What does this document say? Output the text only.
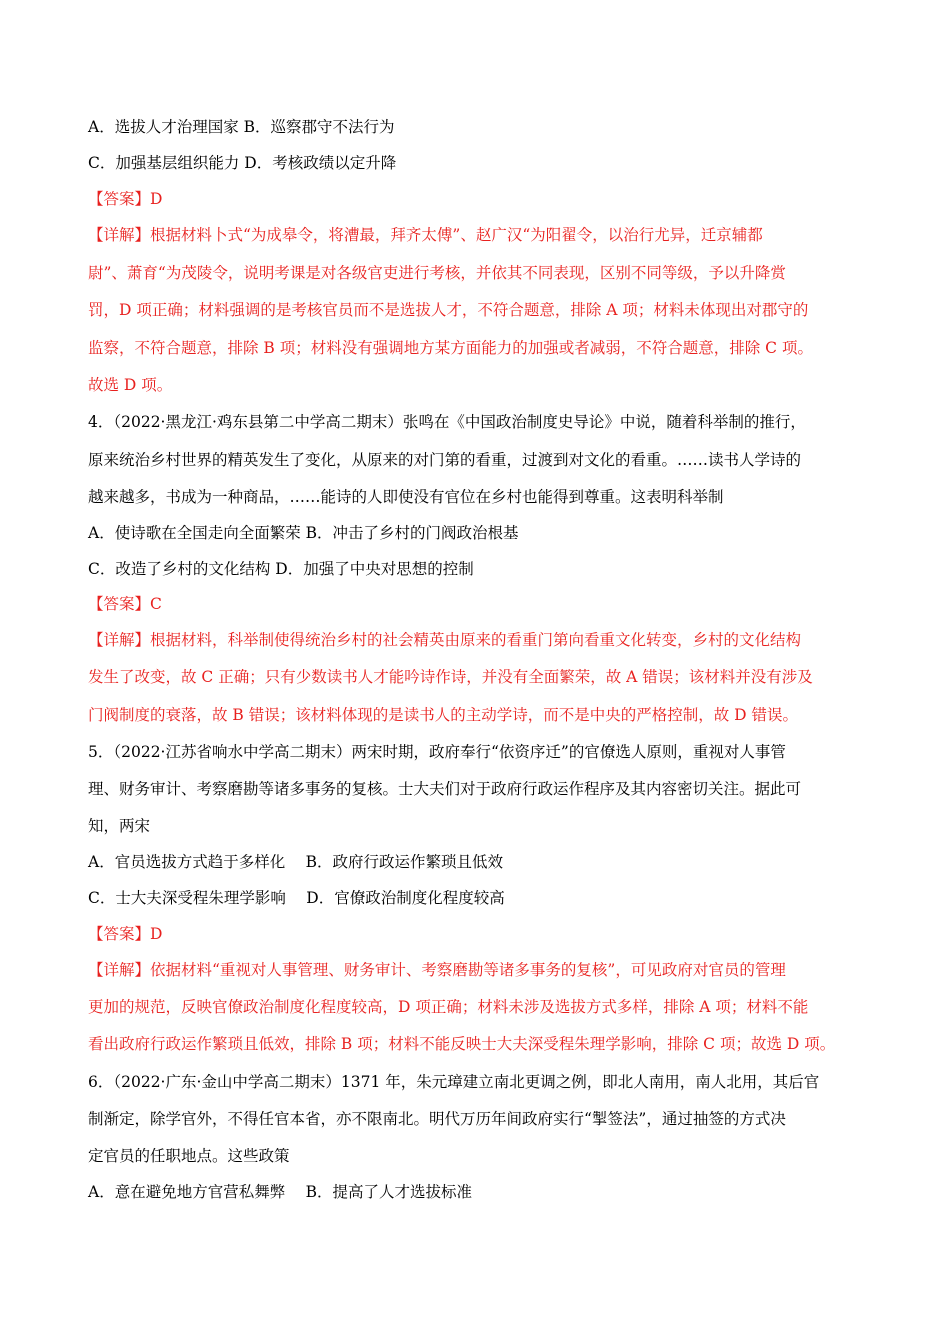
A．选拔人才治理国家 B．巡察郡守不法行为
C．加强基层组织能力 D．考核政绩以定升降
【答案】D
【详解】根据材料卜式“为成皋令，将漕最，拜齐太傅”、赵广汉“为阳翟令，以治行尤异，迁京辅都
尉”、萧育“为茂陵令，说明考课是对各级官吏进行考核，并依其不同表现，区别不同等级，予以升降赏
罚，D 项正确；材料强调的是考核官员而不是选拔人才，不符合题意，排除 A 项；材料未体现出对郡守的
监察，不符合题意，排除 B 项；材料没有强调地方某方面能力的加强或者减弱，不符合题意，排除 C 项。
故选 D 项。
4．（2022·黑龙江·鸡东县第二中学高二期末）张鸣在《中国政治制度史导论》中说，随着科举制的推行，
原来统治乡村世界的精英发生了变化，从原来的对门第的看重，过渡到对文化的看重。……读书人学诗的
越来越多，书成为一种商品，……能诗的人即使没有官位在乡村也能得到尊重。这表明科举制
A．使诗歌在全国走向全面繁荣 B．冲击了乡村的门阀政治根基
C．改造了乡村的文化结构 D．加强了中央对思想的控制
【答案】C
【详解】根据材料，科举制使得统治乡村的社会精英由原来的看重门第向看重文化转变，乡村的文化结构
发生了改变，故 C 正确；只有少数读书人才能吟诗作诗，并没有全面繁荣，故 A 错误；该材料并没有涉及
门阀制度的衰落，故 B 错误；该材料体现的是读书人的主动学诗，而不是中央的严格控制，故 D 错误。
5．（2022·江苏省响水中学高二期末）两宋时期，政府奉行“依资序迁”的官僚选人原则，重视对人事管
理、财务审计、考察磨勘等诸多事务的复核。士大夫们对于政府行政运作程序及其内容密切关注。据此可
知，两宋
A．官员选拔方式趋于多样化　 B．政府行政运作繁琐且低效
C．士大夫深受程朱理学影响　 D．官僚政治制度化程度较高
【答案】D
【详解】依据材料“重视对人事管理、财务审计、考察磨勘等诸多事务的复核”，可见政府对官员的管理
更加的规范，反映官僚政治制度化程度较高，D 项正确；材料未涉及选拔方式多样，排除 A 项；材料不能
看出政府行政运作繁琐且低效，排除 B 项；材料不能反映士大夫深受程朱理学影响，排除 C 项；故选 D 项。
6．（2022·广东·金山中学高二期末）1371 年，朱元璋建立南北更调之例，即北人南用，南人北用，其后官
制渐定，除学官外，不得任官本省，亦不限南北。明代万历年间政府实行“掣签法”，通过抽签的方式决
定官员的任职地点。这些政策
A．意在避免地方官营私舞弊　 B．提高了人才选拔标准
